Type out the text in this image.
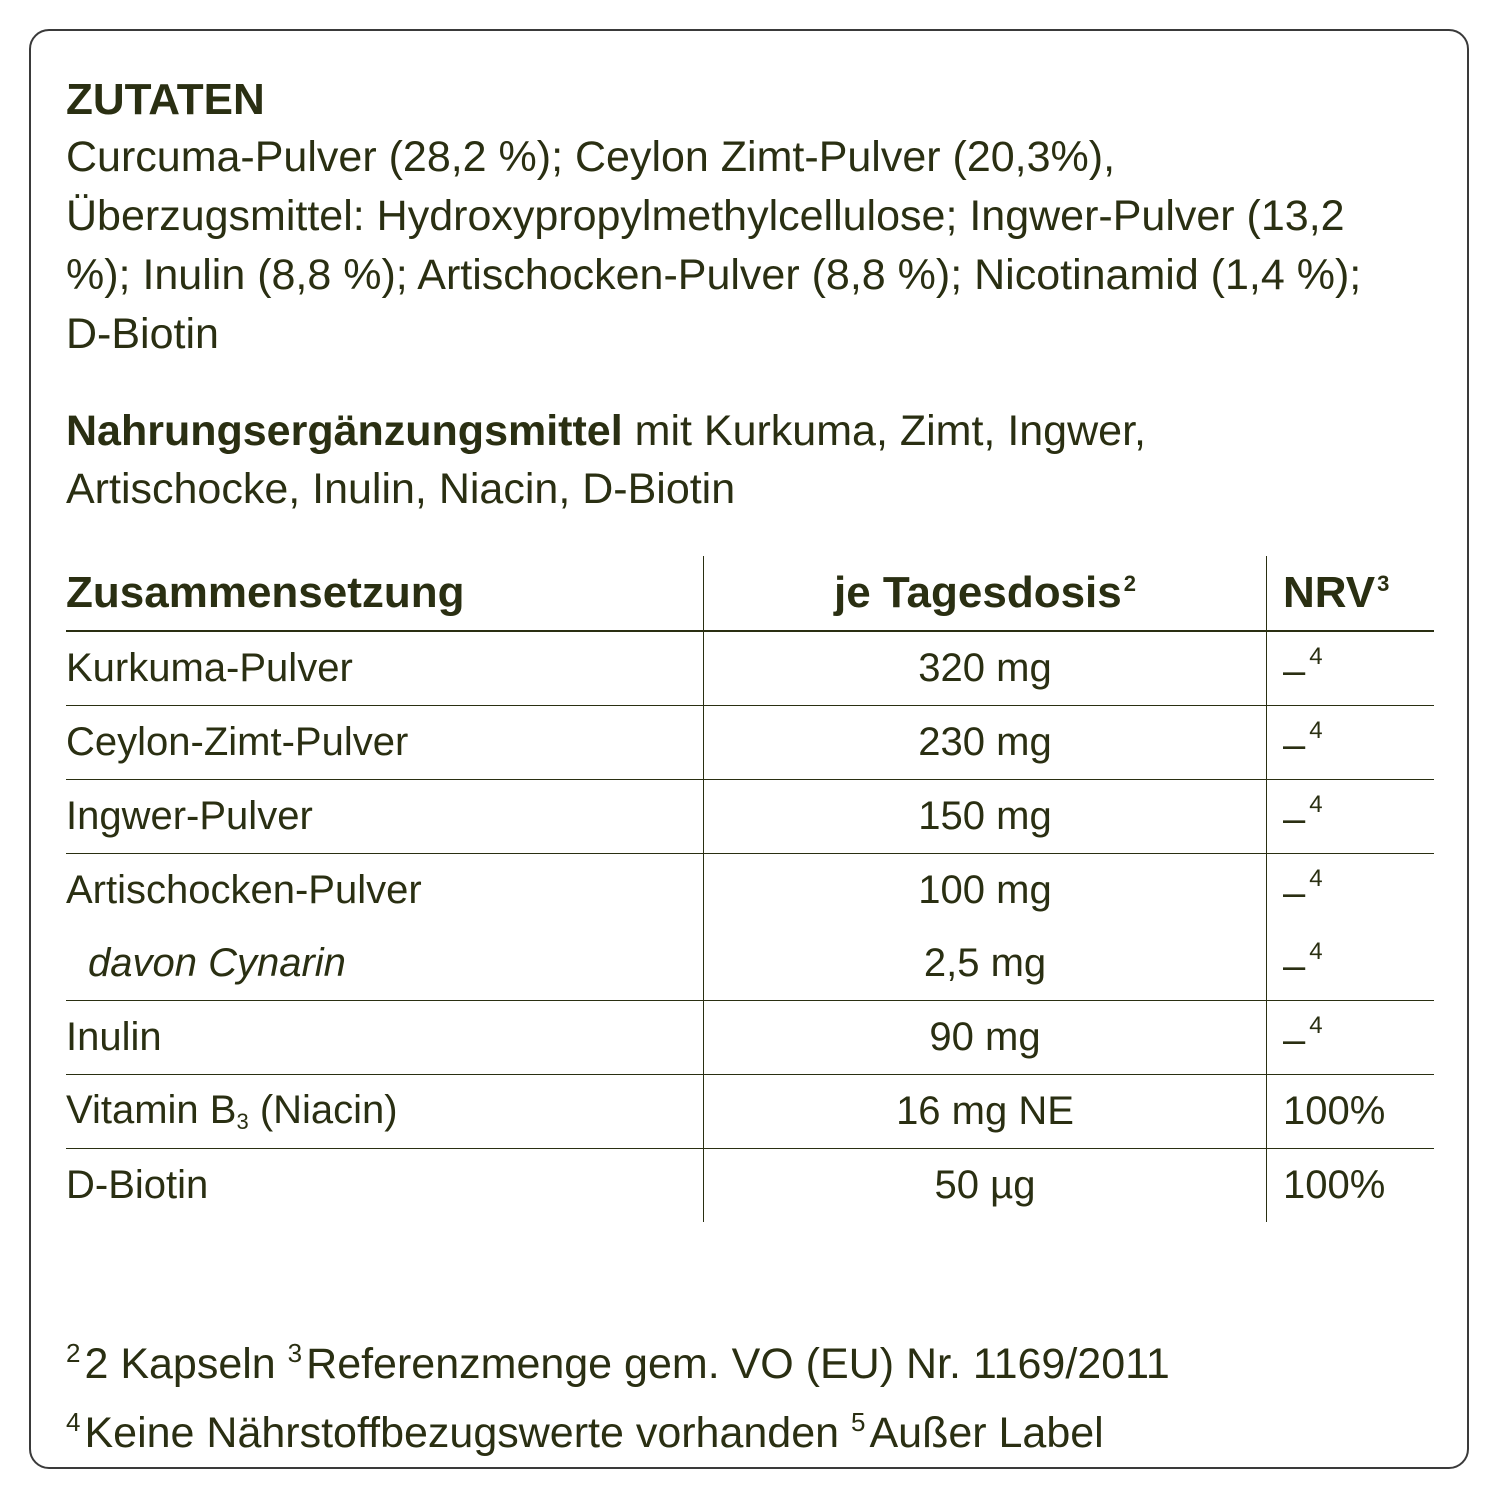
ZUTATEN

Curcuma-Pulver (28,2 %); Ceylon Zimt-Pulver (20,3%), Überzugsmittel: Hydroxypropylmethylcellulose; Ingwer-Pulver (13,2 %); Inulin (8,8 %); Artischocken-Pulver (8,8 %); Nicotinamid (1,4 %); D-Biotin

Nahrungsergänzungsmittel mit Kurkuma, Zimt, Ingwer, Artischocke, Inulin, Niacin, D-Biotin

Zusammensetzung	je Tagesdosis$^2$	NRV$^3$
Kurkuma-Pulver	320 mg	– $^4$
Ceylon-Zimt-Pulver	230 mg	– $^4$
Ingwer-Pulver	150 mg	– $^4$
Artischocken-Pulver	100 mg	– $^4$
davon Cynarin	2,5 mg	– $^4$
Inulin	90 mg	– $^4$
Vitamin $B_3$ (Niacin)	16 mg NE	100%
D-Biotin	50 µg	100%
$^2$2 Kapseln $^3$Referenzmenge gem. VO (EU) Nr. 1169/2011
$^4$Keine Nährstoffbezugswerte vorhanden $^5$Außer Label
